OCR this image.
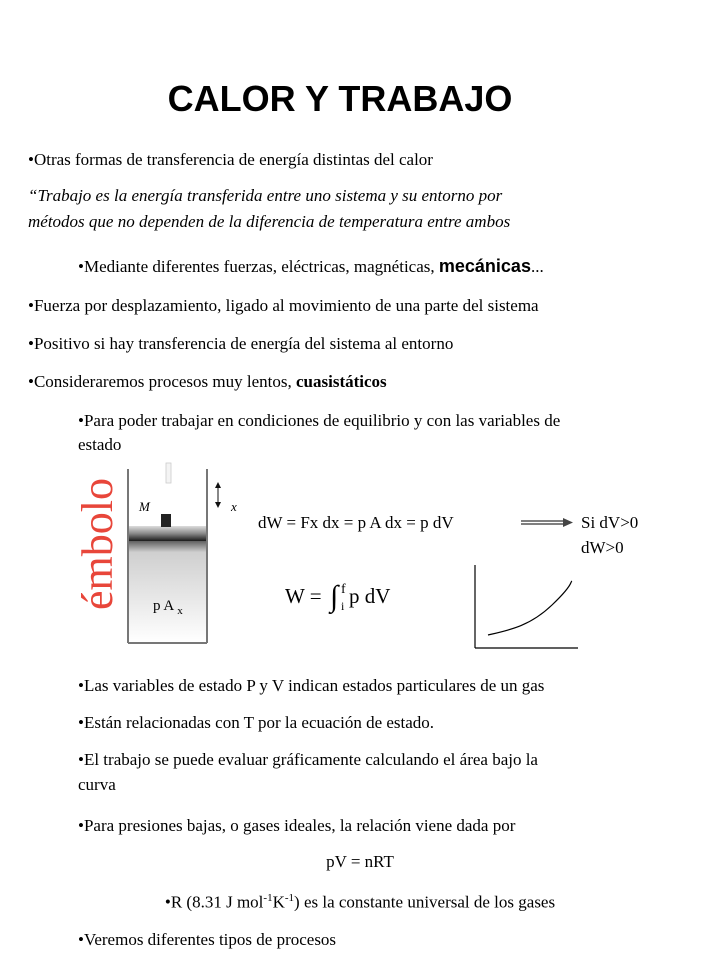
CALOR Y TRABAJO
•Otras formas de transferencia de energía distintas del calor
“Trabajo es la energía transferida entre uno sistema y su entorno por
métodos que no dependen de la diferencia de temperatura entre ambos
•Mediante diferentes fuerzas, eléctricas, magnéticas, mecánicas...
•Fuerza por desplazamiento, ligado al movimiento de una parte del sistema
•Positivo si hay transferencia de energía del sistema al entorno
•Consideraremos procesos muy lentos, cuasistáticos
•Para poder trabajar en condiciones de equilibrio y con las variables de
estado
M	x
p A $_x$
émbolo	dW = Fx dx = p A dx = p dV	Si dV>0
dW>0
W = ∫ f
i p dV
•Las variables de estado P y V indican estados particulares de un gas
•Están relacionadas con T por la ecuación de estado.
•El trabajo se puede evaluar gráficamente calculando el área bajo la
curva
•Para presiones bajas, o gases ideales, la relación viene dada por
pV = nRT
•R (8.31 J $mol^{-1}K^{-1}$) es la constante universal de los gases
•Veremos diferentes tipos de procesos
